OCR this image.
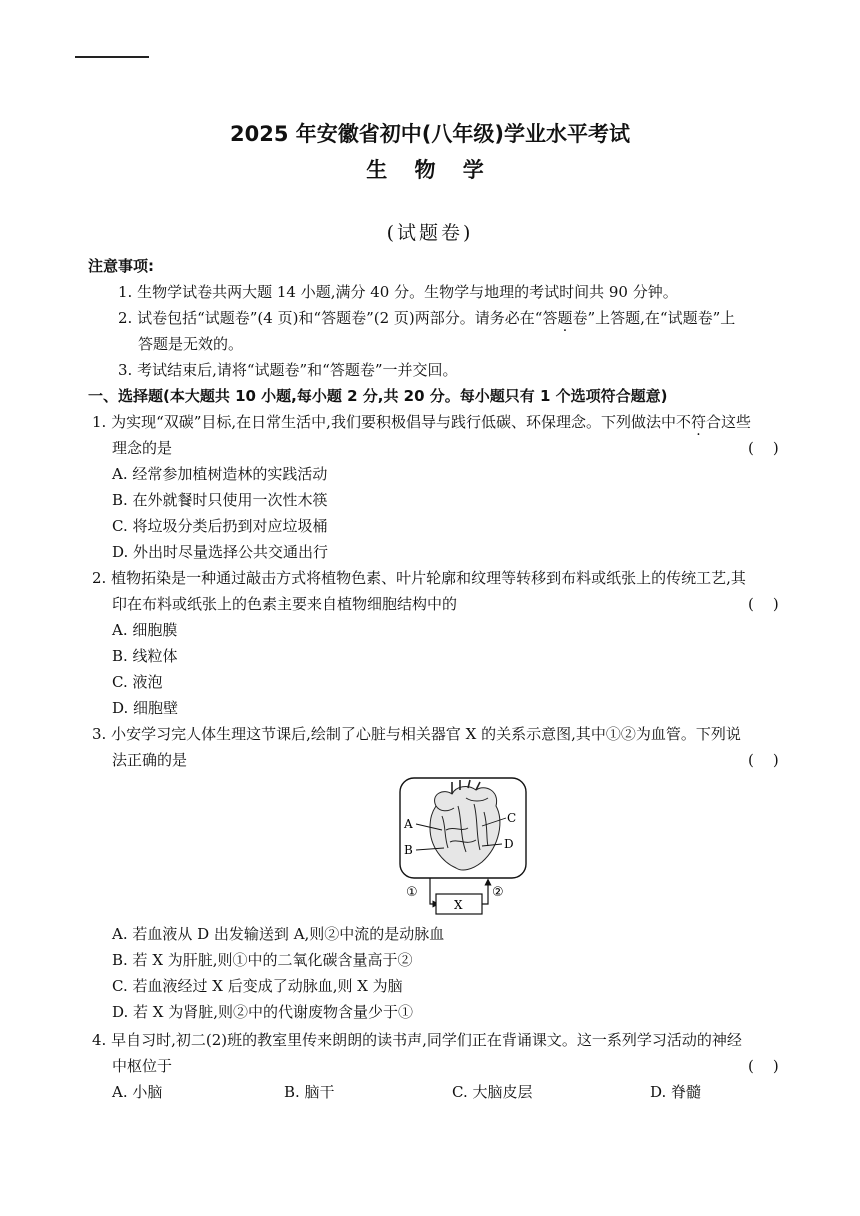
2025 年安徽省初中(八年级)学业水平考试
生 物 学
(试题卷)
注意事项:
1. 生物学试卷共两大题 14 小题,满分 40 分。生物学与地理的考试时间共 90 分钟。
2. 试卷包括“试题卷”(4 页)和“答题卷”(2 页)两部分。请务必在“答题卷”上答题,在“试题卷”上
答题是无效的。
3. 考试结束后,请将“试题卷”和“答题卷”一并交回。
一、选择题(本大题共 10 小题,每小题 2 分,共 20 分。每小题只有 1 个选项符合题意)
1. 为实现“双碳”目标,在日常生活中,我们要积极倡导与践行低碳、环保理念。下列做法中不符合这些
理念的是	(    )
A. 经常参加植树造林的实践活动
B. 在外就餐时只使用一次性木筷
C. 将垃圾分类后扔到对应垃圾桶
D. 外出时尽量选择公共交通出行
2. 植物拓染是一种通过敲击方式将植物色素、叶片轮廓和纹理等转移到布料或纸张上的传统工艺,其
印在布料或纸张上的色素主要来自植物细胞结构中的	(    )
A. 细胞膜
B. 线粒体
C. 液泡
D. 细胞壁
3. 小安学习完人体生理这节课后,绘制了心脏与相关器官 X 的关系示意图,其中①②为血管。下列说
法正确的是	(    )
A
B
C
D
X
①	②
A. 若血液从 D 出发输送到 A,则②中流的是动脉血
B. 若 X 为肝脏,则①中的二氧化碳含量高于②
C. 若血液经过 X 后变成了动脉血,则 X 为脑
D. 若 X 为肾脏,则②中的代谢废物含量少于①
4. 早自习时,初二(2)班的教室里传来朗朗的读书声,同学们正在背诵课文。这一系列学习活动的神经
中枢位于	(    )
A. 小脑	B. 脑干	C. 大脑皮层	D. 脊髓
